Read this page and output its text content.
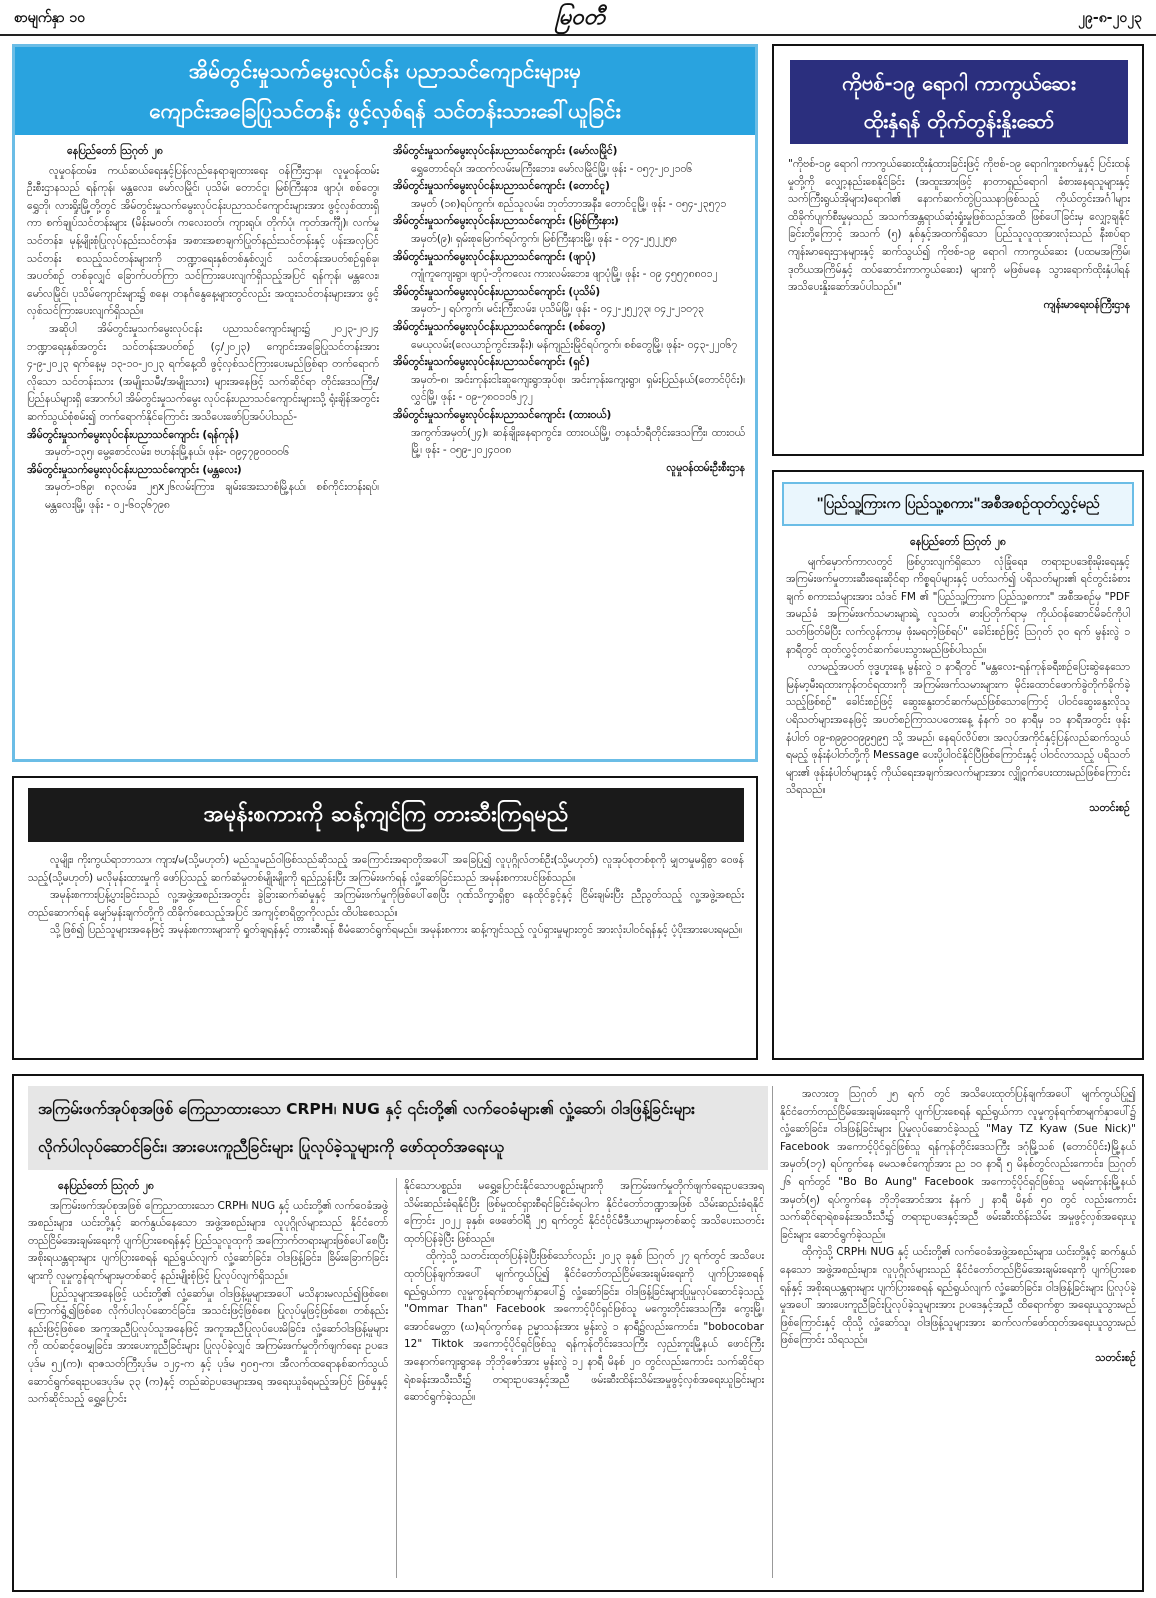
စာမျက်နှာ ၁၀	မြဝတီ	၂၉-၈-၂၀၂၃
အိမ်တွင်းမှုသက်မွေးလုပ်ငန်း ပညာသင်ကျောင်းများမှ
ကျောင်းအခြေပြုသင်တန်း ဖွင့်လှစ်ရန် သင်တန်းသားခေါ်ယူခြင်း
နေပြည်တော် ဩဂုတ် ၂၈

လူမှုဝန်ထမ်း၊ ကယ်ဆယ်ရေးနှင့်ပြန်လည်နေရာချထားရေး ဝန်ကြီးဌာန၊ လူမှုဝန်ထမ်းဦးစီးဌာနသည် ရန်ကုန်၊ မန္တလေး၊ မော်လမြိုင်၊ ပုသိမ်၊ တောင်ငူ၊ မြစ်ကြီးနား၊ ဖျာပုံ၊ စစ်တွေ၊ ရွှေဘို၊ လားရှိုးမြို့တို့တွင် အိမ်တွင်းမှုသက်မွေးလုပ်ငန်းပညာသင်ကျောင်းများအား ဖွင့်လှစ်ထားရှိကာ စက်ချုပ်သင်တန်းများ (မိန်းမဝတ်၊ ကလေးဝတ်၊ ကျားရုပ်၊ တိုက်ပုံ၊ ကုတ်အင်္ကျီ)၊ လက်မှုသင်တန်း၊ မုန့်မျိုးစုံပြုလုပ်နည်းသင်တန်း၊ အစားအစာချက်ပြုတ်နည်းသင်တန်းနှင့် ပန်းအလှပြင်သင်တန်း စသည့်သင်တန်းများကို ဘဏ္ဍာရေးနှစ်တစ်နှစ်လျှင် သင်တန်းအပတ်စဉ်ရှစ်ခု၊ အပတ်စဉ် တစ်ခုလျှင် ခြောက်ပတ်ကြာ သင်ကြားပေးလျက်ရှိသည့်အပြင် ရန်ကုန်၊ မန္တလေး၊ မော်လမြိုင်၊ ပုသိမ်ကျောင်းများ၌ စနေ၊ တနင်္ဂနွေနေ့များတွင်လည်း အထူးသင်တန်းများအား ဖွင့်လှစ်သင်ကြားပေးလျက်ရှိသည်။

အဆိုပါ အိမ်တွင်းမှုသက်မွေးလုပ်ငန်း ပညာသင်ကျောင်းများ၌ ၂၀၂၃-၂၀၂၄ ဘဏ္ဍာရေးနှစ်အတွင်း သင်တန်းအပတ်စဉ် (၄/၂၀၂၃) ကျောင်းအခြေပြုသင်တန်းအား ၄-၉-၂၀၂၃ ရက်နေ့မှ ၁၃-၁၀-၂၀၂၃ ရက်နေ့ထိ ဖွင့်လှစ်သင်ကြားပေးမည်ဖြစ်ရာ တက်ရောက်လိုသော သင်တန်းသား (အမျိုးသမီး/အမျိုးသား) များအနေဖြင့် သက်ဆိုင်ရာ တိုင်းဒေသကြီး/ ပြည်နယ်များရှိ အောက်ပါ အိမ်တွင်းမှုသက်မွေး လုပ်ငန်းပညာသင်ကျောင်းများသို့ ရုံးချိန်အတွင်း ဆက်သွယ်စုံစမ်း၍ တက်ရောက်နိုင်ကြောင်း အသိပေးဖော်ပြအပ်ပါသည်-

အိမ်တွင်းမှုသက်မွေးလုပ်ငန်းပညာသင်ကျောင်း (ရန်ကုန်)
အမှတ်-၁၃၅၊ မွေ့စောင်လမ်း၊ ဗဟန်းမြို့နယ်၊ ဖုန်း- ၀၉၄၇၉၀၀၀၀၆
အိမ်တွင်းမှုသက်မွေးလုပ်ငန်းပညာသင်ကျောင်း (မန္တလေး)
အမှတ်-၁၆၉၊ ၈၃လမ်း၊ ၂၅x၂၆လမ်းကြား၊ ချမ်းအေးသာစံမြို့နယ်၊ စစ်ကိုင်းတန်းရပ်၊ မန္တလေးမြို့၊ ဖုန်း - ၀၂-၆၀၃၆၇၉၈
အိမ်တွင်းမှုသက်မွေးလုပ်ငန်းပညာသင်ကျောင်း (မော်လမြိုင်)
ရွှေတောင်ရပ်၊ အထက်လမ်းမကြီးဘေး၊ မော်လမြိုင်မြို့၊ ဖုန်း - ၀၅၇-၂၀၂၁၀၆
အိမ်တွင်းမှုသက်မွေးလုပ်ငန်းပညာသင်ကျောင်း (တောင်ငူ)
အမှတ် (၁၈)ရပ်ကွက်၊ စည်သူလမ်း၊ ဘုတ်ဘာအနီး၊ တောင်ငူမြို့၊ ဖုန်း - ၀၅၄-၂၃၅၇၁
အိမ်တွင်းမှုသက်မွေးလုပ်ငန်းပညာသင်ကျောင်း (မြစ်ကြီးနား)
အမှတ်(၉)၊ ရှမ်းစုမြောက်ရပ်ကွက်၊ မြစ်ကြီးနားမြို့၊ ဖုန်း - ၀၇၄-၂၅၂၂၅၈
အိမ်တွင်းမှုသက်မွေးလုပ်ငန်းပညာသင်ကျောင်း (ဖျာပုံ)
ကျုံကူကျေးရွာ၊ ဖျာပုံ-ဘိုကလေး ကားလမ်းဘေး၊ ဖျာပုံမြို့၊ ဖုန်း - ၀၉ ၄၅၅၇၈၈၀၁၂
အိမ်တွင်းမှုသက်မွေးလုပ်ငန်းပညာသင်ကျောင်း (ပုသိမ်)
အမှတ်-၂ ရပ်ကွက်၊ မင်းကြီးလမ်း၊ ပုသိမ်မြို့၊ ဖုန်း - ၀၄၂-၂၅၂၇၃၊ ၀၄၂-၂၁၀၇၃
အိမ်တွင်းမှုသက်မွေးလုပ်ငန်းပညာသင်ကျောင်း (စစ်တွေ)
မေယုလမ်း(လေယာဉ်ကွင်းအနီး)၊ မန်ကျည်းမြိုင်ရပ်ကွက်၊ စစ်တွေမြို့၊ ဖုန်း- ၀၄၃-၂၂၀၆၇
အိမ်တွင်းမှုသက်မွေးလုပ်ငန်းပညာသင်ကျောင်း (ရှင်)
အမှတ်-၈၊ အင်းကုန်းငါးဆူကျေးရွာအုပ်စု၊ အင်းကုန်းကျေးရွာ၊ ရှမ်းပြည်နယ်(တောင်ပိုင်း)၊ လွှင်မြို့၊ ဖုန်း - ၀၉-၇၈၀၁၁၆၂၇၂
အိမ်တွင်းမှုသက်မွေးလုပ်ငန်းပညာသင်ကျောင်း (ထားဝယ်)
အကွက်အမှတ်(၂၄)၊ ဆန်ချိုးနေရာကွင်း၊ ထားဝယ်မြို့၊ တနင်္သာရီတိုင်းဒေသကြီး၊ ထားဝယ်မြို့၊ ဖုန်း - ၀၅၉-၂၀၂၄၀၀၈
လူမှုဝန်ထမ်းဦးစီးဌာန
ကိုဗစ်-၁၉ ရောဂါ ကာကွယ်ဆေး
ထိုးနှံရန် တိုက်တွန်းနှိုးဆော်

"ကိုဗစ်-၁၉ ရောဂါ ကာကွယ်ဆေးထိုးနှံထားခြင်းဖြင့် ကိုဗစ်-၁၉ ရောဂါကူးစက်မှုနှင့် ပြင်းထန်မှုတို့ကို လျှော့နည်းစေနိုင်ခြင်း (အထူးအားဖြင့် နာတာရှည်ရောဂါ ခံစားနေရသူများနှင့် သက်ကြီးရွယ်အိုများ)ရောဂါ၏ နောက်ဆက်တွဲပြဿနာဖြစ်သည့် ကိုယ်တွင်းအင်္ဂါများ ထိခိုက်ပျက်စီးမှုမှသည် အသက်အန္တရာယ်ဆုံးရှုံးမှုဖြစ်သည်အထိ ဖြစ်ပေါ်ခြင်းမှ လျှော့ချနိုင်ခြင်းတို့ကြောင့် အသက် (၅) နှစ်နှင့်အထက်ရှိသော ပြည်သူလူထုအားလုံးသည် နီးစပ်ရာကျန်းမာရေးဌာနများနှင့် ဆက်သွယ်၍ ကိုဗစ်-၁၉ ရောဂါ ကာကွယ်ဆေး (ပထမအကြိမ်၊ ဒုတိယအကြိမ်နှင့် ထပ်ဆောင်းကာကွယ်ဆေး) များကို မဖြစ်မနေ သွားရောက်ထိုးနှံပါရန် အသိပေးနှိုးဆော်အပ်ပါသည်။"

ကျန်းမာရေးဝန်ကြီးဌာန
"ပြည်သူ့ကြားက ပြည်သူ့စကား"အစီအစဉ်ထုတ်လွှင့်မည်
နေပြည်တော် ဩဂုတ် ၂၈

မျက်မှောက်ကာလတွင် ဖြစ်ပွားလျက်ရှိသော လုံခြုံရေး၊ တရားဥပဒေစိုးမိုးရေးနှင့် အကြမ်းဖက်မှုတားဆီးရေးဆိုင်ရာ ကိစ္စရပ်များနှင့် ပတ်သက်၍ ပရိသတ်များ၏ ရင်တွင်းခံစားချက် စကားသံများအား သံဒင် FM ၏ "ပြည်သူ့ကြားက ပြည်သူ့စကား" အစီအစဉ်မှ "PDF အမည်ခံ အကြမ်းဖက်သမားများရဲ့ လူသတ်၊ ဓားပြတိုက်ရာမှ ကိုယ်ဝန်ဆောင်မိခင်ကိုပါ သတ်ဖြတ်မိပြီး လက်လွန်ကာမှ ဖုံးမရတဲ့ဖြစ်ရပ်" ခေါင်းစဉ်ဖြင့် ဩဂုတ် ၃၀ ရက် မွန်းလွဲ ၁ နာရီတွင် ထုတ်လွှင့်တင်ဆက်ပေးသွားမည်ဖြစ်ပါသည်။

လာမည့်အပတ် ဗုဒ္ဓဟူးနေ့ မွန်းလွဲ ၁ နာရီတွင် "မန္တလေး-ရန်ကုန်ခရီးစဉ်ပြေးဆွဲနေသော မြန်မာ့မီးရထားကုန်တင်ရထားကို အကြမ်းဖက်သမားများက မိုင်းထောင်ဖောက်ခွဲတိုက်ခိုက်ခဲ့သည့်ဖြစ်စဉ်" ခေါင်းစဉ်ဖြင့် ဆွေးနွေးတင်ဆက်မည်ဖြစ်သောကြောင့် ပါဝင်ဆွေးနွေးလိုသူ ပရိသတ်များအနေဖြင့် အပတ်စဉ်ကြာသပတေးနေ့ နံနက် ၁၀ နာရီမှ ၁၁ နာရီအတွင်း ဖုန်းနံပါတ် ၀၉-၈၉၉၀၀၉၉၅၉၅ သို့ အမည်၊ နေရပ်လိပ်စာ၊ အလုပ်အကိုင်နှင့်ပြန်လည်ဆက်သွယ်ရမည့် ဖုန်းနံပါတ်တို့ကို Message ပေးပို့ပါ၀င်နိုင်ပြီဖြစ်ကြောင်းနှင့် ပါဝင်လာသည့် ပရိသတ်များ၏ ဖုန်းနံပါတ်များနှင့် ကိုယ်ရေးအချက်အလက်များအား လျှို့ဝှက်ပေးထားမည်ဖြစ်ကြောင်း သိရသည်။

သတင်းစဉ်
အမုန်းစကားကို ဆန့်ကျင်ကြ တားဆီးကြရမည်

လူမျိုး၊ ကိုးကွယ်ရာဘာသာ၊ ကျား/မ(သို့မဟုတ်) မည်သူမည်ဝါဖြစ်သည်ဆိုသည့် အကြောင်းအရာတိုအပေါ် အခြေပြု၍ လူပုဂ္ဂိုလ်တစ်ဦး(သို့မဟုတ်) လူအုပ်စုတစ်စုကို မျှတမှုမရှိစွာ ဝေဖန်သည့်(သို့မဟုတ်) မလိုမုန်းထားမှုကို ဖော်ပြသည့် ဆက်ဆံမှုတစ်မျိုးမျိုးကို ရည်ညွှန်းပြီး အကြမ်းဖက်ရန် လှုံ့ဆော်ခြင်းသည် အမုန်းစကားပင်ဖြစ်သည်။

အမုန်းစကားပြန့်ပွားခြင်းသည် လူ့အဖွဲ့အစည်းအတွင်း ခွဲခြားဆက်ဆံမှုနှင့် အကြမ်းဖက်မှုကိုဖြစ်ပေါ်စေပြီး ဂုဏ်သိက္ခာရှိစွာ နေထိုင်ခွင့်နှင့် ငြိမ်းချမ်းပြီး ညီညွတ်သည့် လူ့အဖွဲ့အစည်းတည်ဆောက်ရန် မျှော်မှန်းချက်တို့ကို ထိခိုက်စေသည့်အပြင် အကျင့်စာရိတ္တကိုလည်း ထိပါးစေသည်။

သို့ဖြစ်၍ ပြည်သူများအနေဖြင့် အမုန်းစကားများကို ရှုတ်ချရန်နှင့် တားဆီးရန် စီမံဆောင်ရွက်ရမည်။ အမုန်းစကား ဆန့်ကျင်သည့် လှုပ်ရှားမှုများတွင် အားလုံးပါဝင်ရန်နှင့် ပံ့ပိုးအားပေးရမည်။

အကြမ်းဖက်အုပ်စုအဖြစ် ကြေညာထားသော CRPH၊ NUG နှင့် ၎င်းတို့၏ လက်ဝေခံများ၏ လှုံ့ဆော်၊ ဝါဒဖြန့်ခြင်းများ
လိုက်ပါလုပ်ဆောင်ခြင်း၊ အားပေးကူညီခြင်းများ ပြုလုပ်ခဲ့သူများကို ဖော်ထုတ်အရေးယူ
နေပြည်တော် ဩဂုတ် ၂၈

အကြမ်းဖက်အုပ်စုအဖြစ် ကြေညာထားသော CRPH၊ NUG နှင့် ယင်းတို့၏ လက်ဝေခံအဖွဲ့အစည်းများ၊ ယင်းတို့နှင့် ဆက်နွယ်နေသော အဖွဲ့အစည်းများ၊ လူပုဂ္ဂိုလ်များသည် နိုင်ငံတော် တည်ငြိမ်အေးချမ်းရေးကို ပျက်ပြားစေရန်နှင့် ပြည်သူလူထုကို အကြောက်တရားများဖြစ်ပေါ်စေပြီး အစိုးရယန္တရားများ ပျက်ပြားစေရန် ရည်ရွယ်လျက် လှုံ့ဆော်ခြင်း၊ ဝါဒဖြန့်ခြင်း၊ ခြိမ်းခြောက်ခြင်းများကို လူမှုကွန်ရက်များမှတစ်ဆင့် နည်းမျိုးစုံဖြင့် ပြုလုပ်လျက်ရှိသည်။

ပြည်သူများအနေဖြင့် ယင်းတို့၏ လှုံ့ဆော်မှု၊ ဝါဒဖြန့်မှုများအပေါ် မသိနားမလည်၍ဖြစ်စေ၊ ကြောက်ရွံ့၍ဖြစ်စေ လိုက်ပါလုပ်ဆောင်ခြင်း၊ အသင်းဖြင့်ဖြစ်စေ၊ ပြုလုပ်မှုဖြင့်ဖြစ်စေ၊ တစ်နည်းနည်းဖြင့်ဖြစ်စေ အကူအညီပြုလုပ်သူအနေဖြင့် အကူအညီပြုလုပ်ပေးမိခြင်း၊ လှုံ့ဆော်ဝါဒဖြန့်မှုများကို ထပ်ဆင့်ဝေမျှခြင်း၊ အားပေးကူညီခြင်းများ ပြုလုပ်ခဲ့လျှင် အကြမ်းဖက်မှုတိုက်ဖျက်ရေး ဥပဒေပုဒ်မ ၅၂(က)၊ ရာဇသတ်ကြီးပုဒ်မ ၁၂၄-က နှင့် ပုဒ်မ ၅၀၅-က၊ အီလက်ထရောနစ်ဆက်သွယ် ဆောင်ရွက်ရေးဥပဒေပုဒ်မ ၃၃ (က)နှင့် တည်ဆဲဥပဒေများအရ အရေးယူခံရမည့်အပြင် ဖြစ်မှုနှင့်သက်ဆိုင်သည့် ရွှေ့ပြောင်း

နိုင်သောပစ္စည်း၊ မရွှေ့ပြောင်းနိုင်သောပစ္စည်းများကို အကြမ်းဖက်မှုတိုက်ဖျက်ရေးဥပဒေအရ သိမ်းဆည်းခံရနိုင်ပြီး ဖြစ်မှုထင်ရှားစီရင်ခြင်းခံရပါက နိုင်ငံတော်ဘဏ္ဍာအဖြစ် သိမ်းဆည်းခံရနိုင်ကြောင်း ၂၀၂၂ ခုနှစ်၊ ဖေဖော်ဝါရီ ၂၅ ရက်တွင် နိုင်ငံပိုင်မီဒီယာများမှတစ်ဆင့် အသိပေးသတင်းထုတ်ပြန်ခဲ့ပြီး ဖြစ်သည်။

ထိုကဲ့သို့ သတင်းထုတ်ပြန်ခဲ့ပြီးဖြစ်သော်လည်း ၂၀၂၃ ခုနှစ် ဩဂုတ် ၂၇ ရက်တွင် အသိပေးထုတ်ပြန်ချက်အပေါ် မျက်ကွယ်ပြု၍ နိုင်ငံတော်တည်ငြိမ်အေးချမ်းရေးကို ပျက်ပြားစေရန် ရည်ရွယ်ကာ လူမှုကွန်ရက်စာမျက်နှာပေါ်၌ လှုံ့ဆော်ခြင်း၊ ဝါဒဖြန့်ခြင်းများပြုမှုလုပ်ဆောင်ခဲ့သည့် "Ommar Than" Facebook အကောင့်ပိုင်ရှင်ဖြစ်သူ မကွေးတိုင်းဒေသကြီး၊ ကွေးမြို့၊ အောင်မေတ္တာ (ဃ)ရပ်ကွက်နေ ဥမ္မာသန်းအား မွန်းလွဲ ၁ နာရီ၌လည်းကောင်း၊ "bobocobar 12" Tiktok အကောင့်ပိုင်ရှင်ဖြစ်သူ ရန်ကုန်တိုင်းဒေသကြီး လှည်းကူးမြို့နယ် ဖောင်ကြီးအနောက်ကျေးရွာနေ ဘိုဘိုဇော်အား မွန်းလွဲ ၁၂ နာရီ မိနစ် ၂၀ တွင်လည်းကောင်း သက်ဆိုင်ရာရဲစခန်းအသီးသီး၌ တရားဥပဒေနှင့်အညီ ဖမ်းဆီးထိန်းသိမ်းအမှုဖွင့်လှစ်အရေးယူခြင်းများ ဆောင်ရွက်ခဲ့သည်။

အလားတူ ဩဂုတ် ၂၅ ရက် တွင် အသိပေးထုတ်ပြန်ချက်အပေါ် မျက်ကွယ်ပြု၍ နိုင်ငံတော်တည်ငြိမ်အေးချမ်းရေးကို ပျက်ပြားစေရန် ရည်ရွယ်ကာ လူမှုကွန်ရက်စာမျက်နှာပေါ်၌ လှုံ့ဆော်ခြင်း၊ ဝါဒဖြန့်ခြင်းများ ပြုမှုလုပ်ဆောင်ခဲ့သည့် "May TZ Kyaw (Sue Nick)" Facebook အကောင့်ပိုင်ရှင်ဖြစ်သူ ရန်ကုန်တိုင်းဒေသကြီး ဒဂုံမြို့သစ် (တောင်ပိုင်း)မြို့နယ် အမှတ်(၁၇) ရပ်ကွက်နေ မေသဇင်ကျော်အား ည ၁၀ နာရီ ၅ မိနစ်တွင်လည်းကောင်း၊ ဩဂုတ် ၂၆ ရက်တွင် "Bo Bo Aung" Facebook အကောင့်ပိုင်ရှင်ဖြစ်သူ မရမ်းကုန်းမြို့နယ် အမှတ်(၅) ရပ်ကွက်နေ ဘိုဘိုအောင်အား နံနက် ၂ နာရီ မိနစ် ၅၀ တွင် လည်းကောင်း သက်ဆိုင်ရာရဲစခန်းအသီးသီး၌ တရားဥပဒေနှင့်အညီ ဖမ်းဆီးထိန်းသိမ်း အမှုဖွင့်လှစ်အရေးယူခြင်းများ ဆောင်ရွက်ခဲ့သည်။

ထိုကဲ့သို့ CRPH၊ NUG နှင့် ယင်းတို့၏ လက်ဝေခံအဖွဲ့အစည်းများ၊ ယင်းတို့နှင့် ဆက်နွယ်နေသော အဖွဲ့အစည်းများ၊ လူပုဂ္ဂိုလ်များသည် နိုင်ငံတော်တည်ငြိမ်အေးချမ်းရေးကို ပျက်ပြားစေရန်နှင့် အစိုးရယန္တရားများ ပျက်ပြားစေရန် ရည်ရွယ်လျက် လှုံ့ဆော်ခြင်း၊ ဝါဒဖြန့်ခြင်းများ ပြုလုပ်ခဲ့မှုအပေါ် အားပေးကူညီခြင်းပြုလုပ်ခဲ့သူများအား ဥပဒေနှင့်အညီ ထိရောက်စွာ အရေးယူသွားမည်ဖြစ်ကြောင်းနှင့် ထိုသို့ လှုံ့ဆော်သူ၊ ဝါဒဖြန့်သူများအား ဆက်လက်ဖော်ထုတ်အရေးယူသွားမည်ဖြစ်ကြောင်း သိရသည်။

သတင်းစဉ်
